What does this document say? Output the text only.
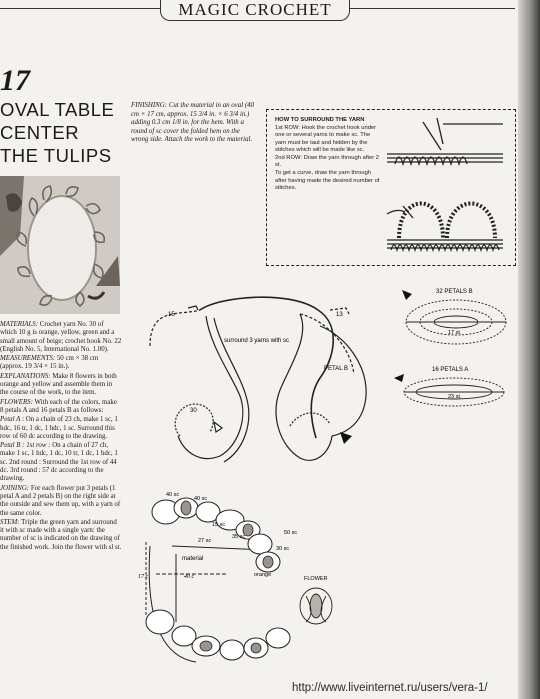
MAGIC CROCHET
17
OVAL TABLE
CENTER
THE TULIPS

MATERIALS: Crochet yarn No. 30 of which 10 g is orange, yellow, green and a small amount of beige; crochet hook No. 22 (English No. 5, International No. 1.00).

MEASUREMENTS: 50 cm × 38 cm (approx. 19 3/4 × 15 in.).

EXPLANATIONS: Make 8 flowers in both orange and yellow and assemble them in the course of the work, to the item.

FLOWERS: With each of the colors, make 8 petals A and 16 petals B as follows:

Petal A : On a chain of 23 ch, make 1 sc, 1 hdc, 16 tr, 1 dc, 1 hdc, 1 sc. Surround this row of 60 dc according to the drawing.

Petal B : 1st row : On a chain of 27 ch, make 1 sc, 1 hdc, 1 dc, 10 tr, 1 dc, 1 hdc, 1 sc. 2nd round : Surround the 1st row of 44 dc. 3rd round : 57 dc according to the drawing.

JOINING: For each flower put 3 petals (1 petal A and 2 petals B) on the right side at the outside and sew them up, with a yarn of the same color.

STEM: Triple the green yarn and surround it with sc made with a single yarn: the number of sc is indicated on the drawing of the finished work. Join the flower with sl st.

FINISHING: Cut the material in an oval (40 cm × 17 cm, approx. 15 3/4 in. × 6 3/4 in.) adding 0.3 cm 1/8 in. for the hem. With a round of sc cover the folded hem on the wrong side. Attach the work to the material.

HOW TO SURROUND THE YARN

1st ROW: Hook the crochet hook under one or several yarns to make sc. The yarn must be taut and hidden by the stitches which will be made like sc.

2nd ROW: Draw the yarn through after 2 st.

To get a curve, draw the yarn through after having made the desired number of stitches.

surround 3 yarns with sc
PETAL B
15	13
30
32 PETALS B
17 st.
16 PETALS A
23 st.
40 sc
40 sc
15 sc
35 sc
27 sc
30 sc
50 sc
material
40 c
17 c	orange
FLOWER
http://www.liveinternet.ru/users/vera-1/
